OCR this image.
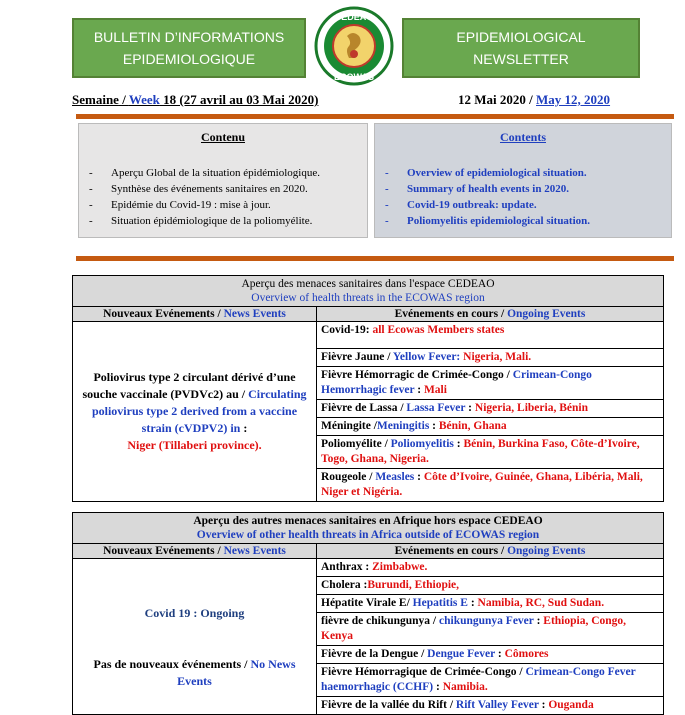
BULLETIN D’INFORMATIONS
EPIDEMIOLOGIQUE
CEDEAO
ECOWAS
EPIDEMIOLOGICAL
NEWSLETTER
Semaine / Week 18 (27 avril au 03 Mai 2020)	12 Mai 2020 / May 12, 2020
Contenu
- Aperçu Global de la situation épidémiologique.
- Synthèse des événements sanitaires en 2020.
- Epidémie du Covid-19 : mise à jour.
- Situation épidémiologique de la poliomyélite.
Contents
- Overview of epidemiological situation.
- Summary of health events in 2020.
- Covid-19 outbreak: update.
- Poliomyelitis epidemiological situation.
Aperçu des menaces sanitaires dans l'espace CEDEAO
Overview of health threats in the ECOWAS region	

Nouveaux Evénements / News Events	Evénements en cours / Ongoing Events
Poliovirus type 2 circulant dérivé d’une souche vaccinale (PVDVc2) au / Circulating poliovirus type 2 derived from a vaccine strain (cVDPV2) in :
Niger (Tillaberi province).	Covid-19: all Ecowas Members states
	Fièvre Jaune / Yellow Fever: Nigeria, Mali.
	Fièvre Hémorragic de Crimée-Congo / Crimean-Congo Hemorrhagic fever : Mali
	Fièvre de Lassa / Lassa Fever : Nigeria, Liberia, Bénin
	Méningite /Meningitis : Bénin, Ghana
	Poliomyélite / Poliomyelitis : Bénin, Burkina Faso, Côte-d’Ivoire, Togo, Ghana, Nigeria.
	Rougeole / Measles : Côte d’Ivoire, Guinée, Ghana, Libéria, Mali, Niger et Nigéria.
Aperçu des autres menaces sanitaires en Afrique hors espace CEDEAO
Overview of other health threats in Africa outside of ECOWAS region	

Nouveaux Evénements / News Events	Evénements en cours / Ongoing Events

Covid 19 : Ongoing
Pas de nouveaux événements / No News Events	Anthrax : Zimbabwe.
	Cholera :Burundi, Ethiopie,
	Hépatite Virale E/ Hepatitis E : Namibia, RC, Sud Sudan.
	fièvre de chikungunya / chikungunya Fever : Ethiopia, Congo, Kenya
	Fièvre de la Dengue / Dengue Fever : Cômores
	Fièvre Hémorragique de Crimée-Congo / Crimean-Congo Fever haemorrhagic (CCHF) : Namibia.
	Fièvre de la vallée du Rift / Rift Valley Fever : Ouganda
